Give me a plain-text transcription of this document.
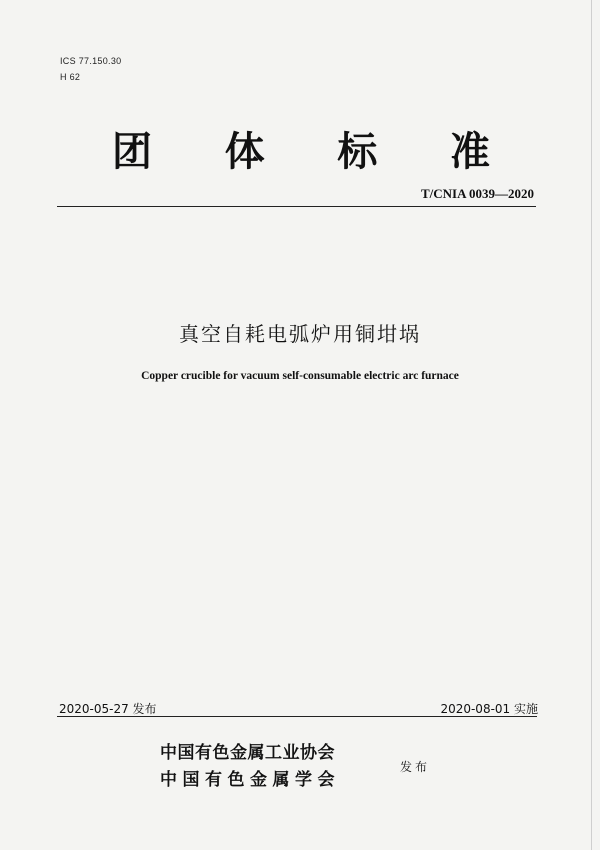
ICS 77.150.30
H 62
团 体 标 准
T/CNIA 0039—2020
真空自耗电弧炉用铜坩埚
Copper crucible for vacuum self-consumable electric arc furnace
2020-05-27 发布	2020-08-01 实施
中国有色金属工业协会
中国有色金属学会
发布
